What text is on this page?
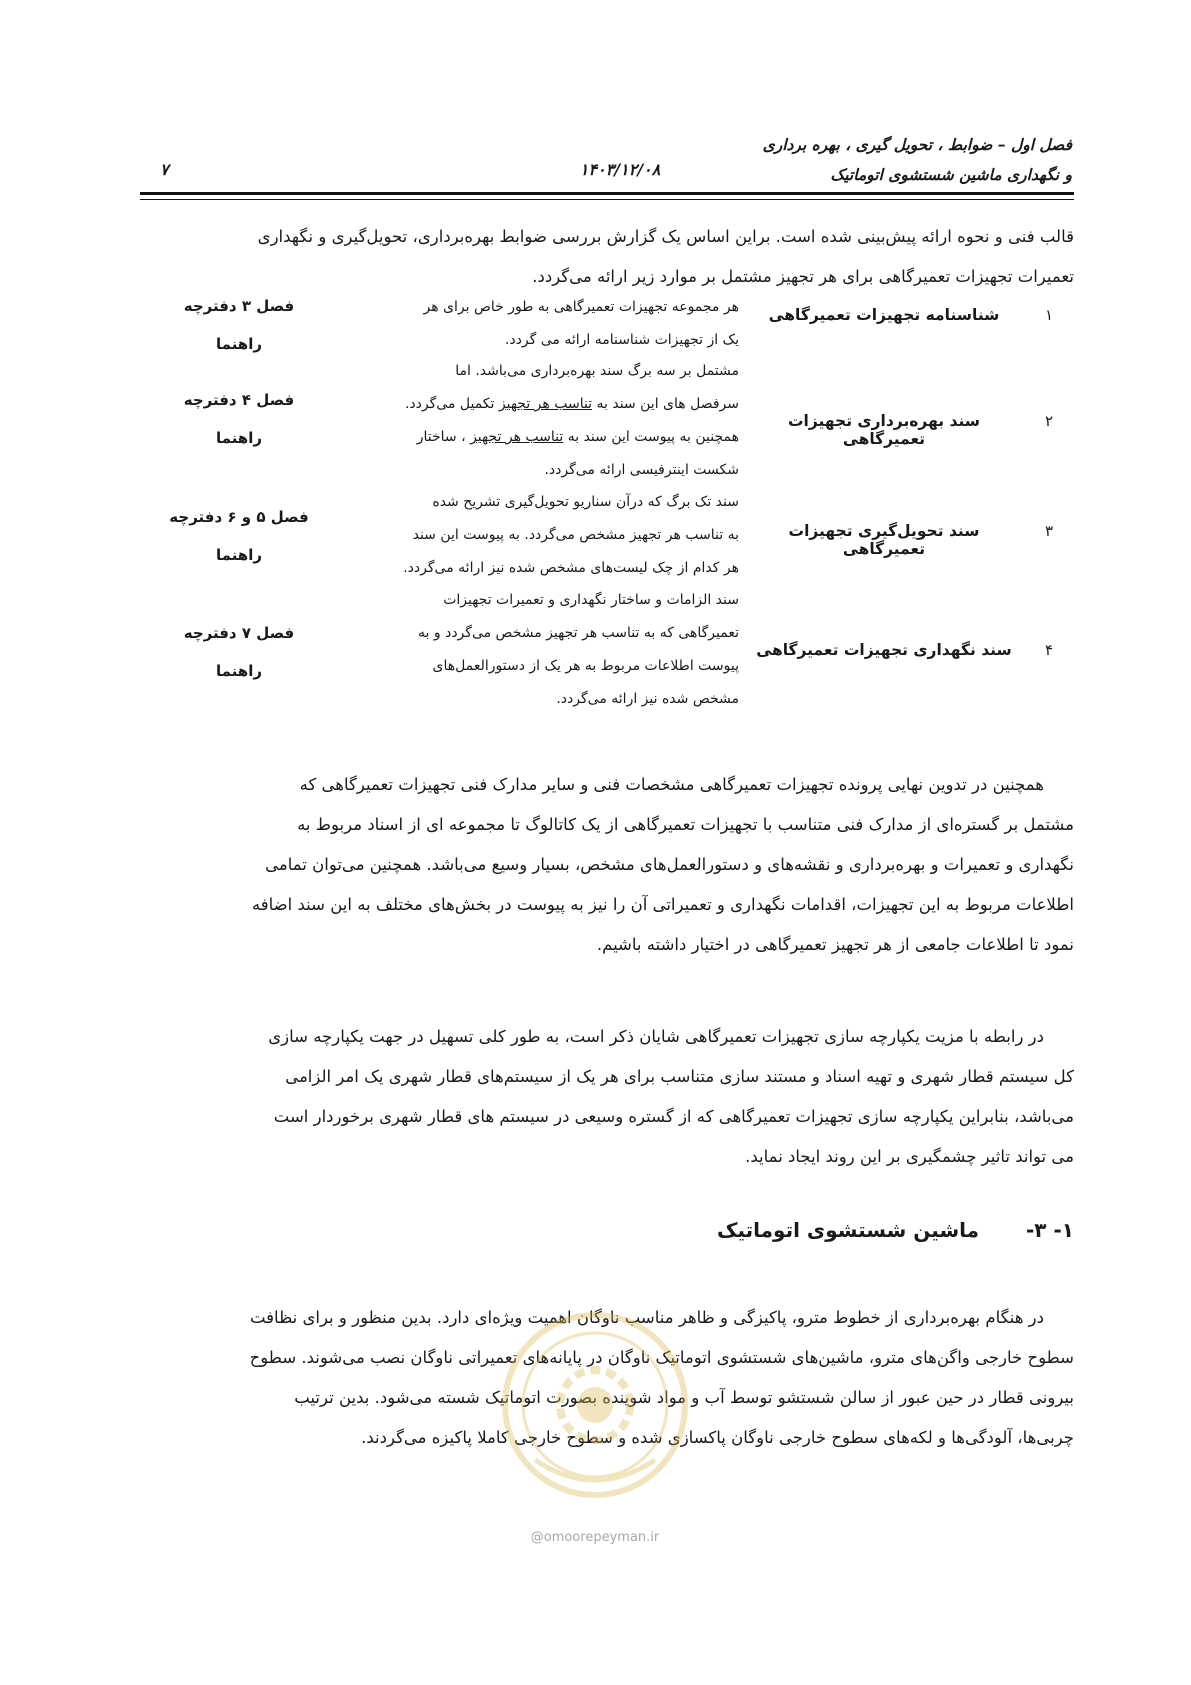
فصل اول – ضوابط ، تحویل گیری ، بهره برداری
و نگهداری ماشین شستشوی اتوماتیک
۱۴۰۳/۱۲/۰۸
۷
قالب فنی و نحوه ارائه پیش‌بینی شده است. براین اساس یک گزارش بررسی ضوابط بهره‌برداری، تحویل‌گیری و نگهداری
تعمیرات تجهیزات تعمیرگاهی برای هر تجهیز مشتمل بر موارد زیر ارائه می‌گردد.
۱
شناسنامه تجهیزات تعمیرگاهی
هر مجموعه تجهیزات تعمیرگاهی به طور خاص برای هر
یک از تجهیزات شناسنامه ارائه می گردد.
فصل ۳ دفترچه
راهنما
۲
سند بهره‌برداری تجهیزات تعمیرگاهی
مشتمل بر سه برگ سند بهره‌برداری می‌باشد. اما
سرفصل های این سند به تناسب هر تجهیز تکمیل می‌گردد.
همچنین به پیوست این سند به تناسب هر تجهیز ، ساختار
شکست اینترفیسی ارائه می‌گردد.
فصل ۴ دفترچه
راهنما
۳
سند تحویل‌گیری تجهیزات تعمیرگاهی
سند تک برگ که درآن سناریو تحویل‌گیری تشریح شده
به تناسب هر تجهیز مشخص می‌گردد. به پیوست این سند
هر کدام از چک لیست‌های مشخص شده نیز ارائه می‌گردد.
فصل ۵ و ۶ دفترچه
راهنما
۴
سند نگهداری تجهیزات تعمیرگاهی
سند الزامات و ساختار نگهداری و تعمیرات تجهیزات
تعمیرگاهی که به تناسب هر تجهیز مشخص می‌گردد و به
پیوست اطلاعات مربوط به هر یک از دستورالعمل‌های
مشخص شده نیز ارائه می‌گردد.
فصل ۷ دفترچه
راهنما
همچنین در تدوین نهایی پرونده تجهیزات تعمیرگاهی مشخصات فنی و سایر مدارک فنی تجهیزات تعمیرگاهی که
مشتمل بر گستره‌ای از مدارک فنی متناسب با تجهیزات تعمیرگاهی از یک کاتالوگ تا مجموعه ای از اسناد مربوط به
نگهداری و تعمیرات و بهره‌برداری و نقشه‌های و دستورالعمل‌های مشخص، بسیار وسیع می‌باشد. همچنین می‌توان تمامی
اطلاعات مربوط به این تجهیزات، اقدامات نگهداری و تعمیراتی آن را نیز به پیوست در بخش‌های مختلف به این سند اضافه
نمود تا اطلاعات جامعی از هر تجهیز تعمیرگاهی در اختیار داشته باشیم.
در رابطه با مزیت یکپارچه سازی تجهیزات تعمیرگاهی شایان ذکر است، به طور کلی تسهیل در جهت یکپارچه سازی
کل سیستم قطار شهری و تهیه اسناد و مستند سازی متناسب برای هر یک از سیستم‌های قطار شهری یک امر الزامی
می‌باشد، بنابراین یکپارچه سازی تجهیزات تعمیرگاهی که از گستره وسیعی در سیستم های قطار شهری برخوردار است
می تواند تاثیر چشمگیری بر این روند ایجاد نماید.
۱- ۳- ماشین شستشوی اتوماتیک
در هنگام بهره‌برداری از خطوط مترو، پاکیزگی و ظاهر مناسب ناوگان اهمیت ویژه‌ای دارد. بدین منظور و برای نظافت
سطوح خارجی واگن‌های مترو، ماشین‌های شستشوی اتوماتیک ناوگان در پایانه‌های تعمیراتی ناوگان نصب می‌شوند. سطوح
بیرونی قطار در حین عبور از سالن شستشو توسط آب و مواد شوینده بصورت اتوماتیک شسته می‌شود. بدین ترتیب
چربی‌ها، آلودگی‌ها و لکه‌های سطوح خارجی ناوگان پاکسازی شده و سطوح خارجی کاملا پاکیزه می‌گردند.
@omoorepeyman.ir
